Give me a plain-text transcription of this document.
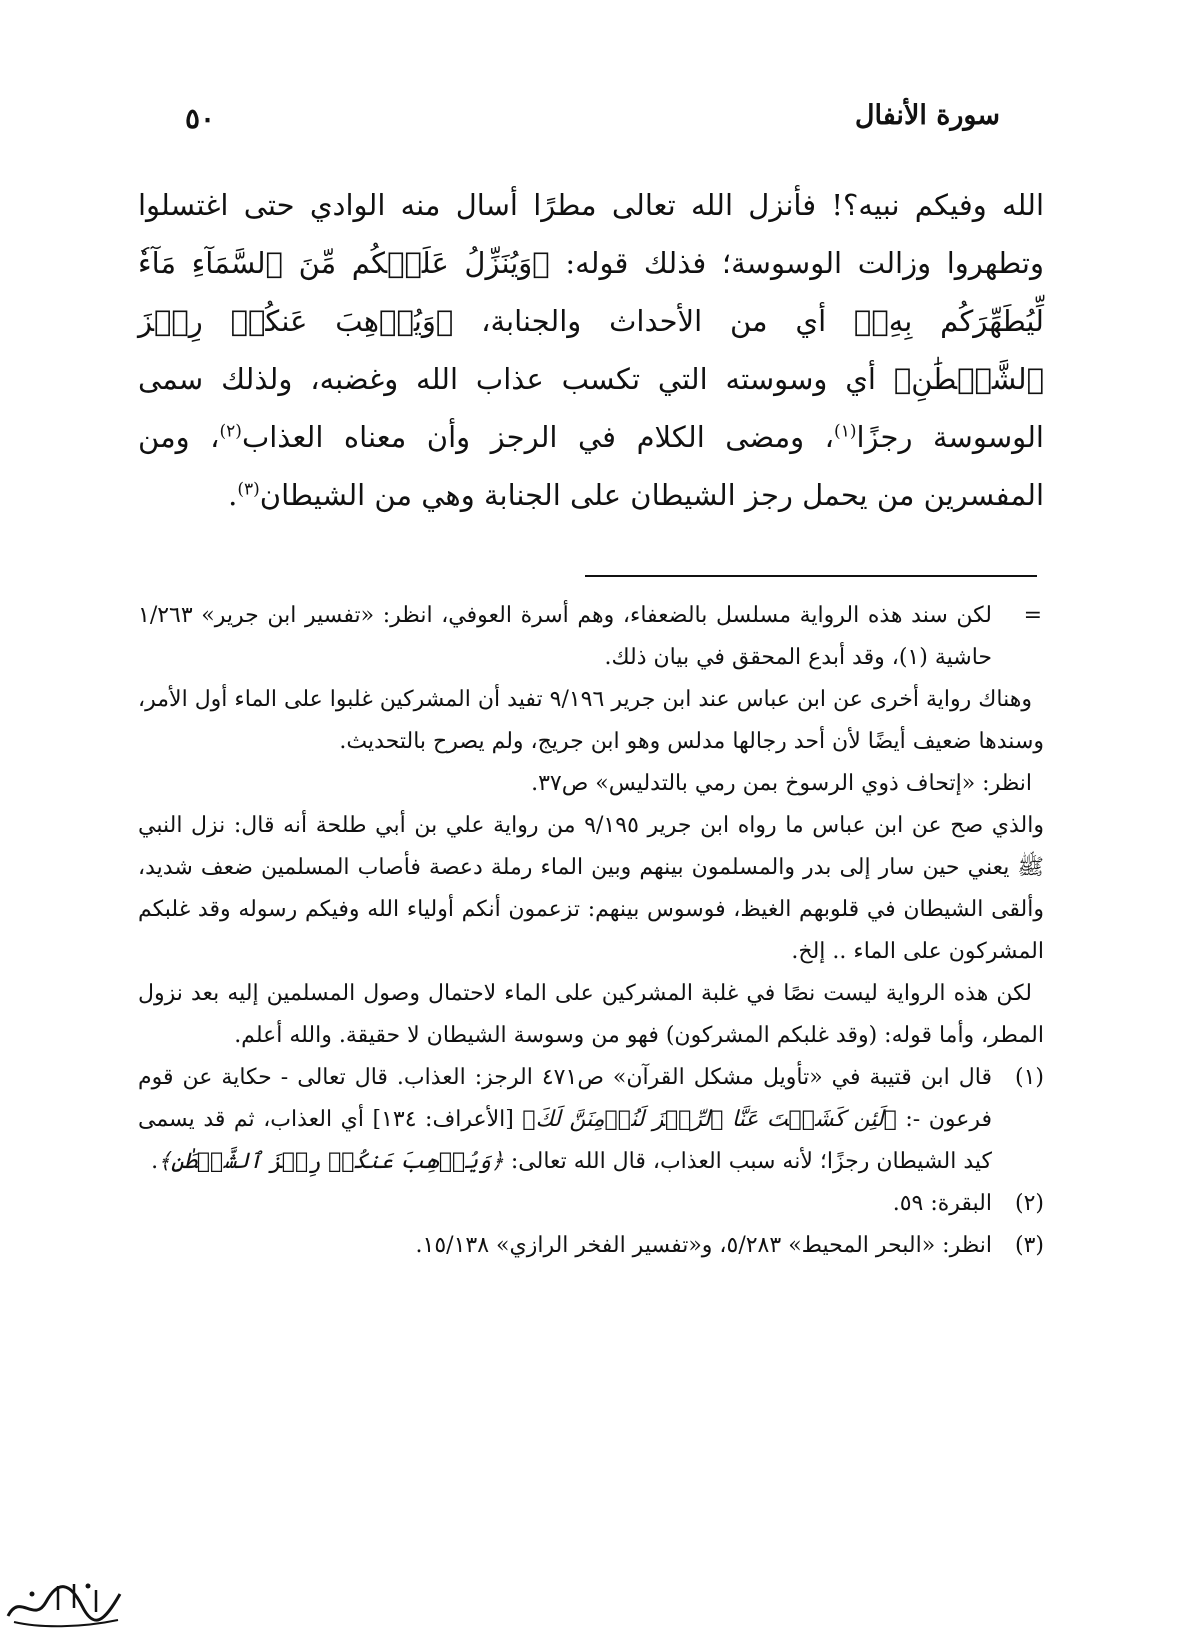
سورة الأنفال
٥٠

الله وفيكم نبيه؟! فأنزل الله تعالى مطرًا أسال منه الوادي حتى اغتسلوا وتطهروا وزالت الوسوسة؛ فذلك قوله: ﴿وَيُنَزِّلُ عَلَيۡكُم مِّنَ ٱلسَّمَآءِ مَآءٗ لِّيُطَهِّرَكُم بِهِۦ﴾ أي من الأحداث والجنابة، ﴿وَيُذۡهِبَ عَنكُمۡ رِجۡزَ ٱلشَّيۡطَٰنِ﴾ أي وسوسته التي تكسب عذاب الله وغضبه، ولذلك سمى الوسوسة رجزًا$^{(١)}$، ومضى الكلام في الرجز وأن معناه العذاب$^{(٢)}$، ومن المفسرين من يحمل رجز الشيطان على الجنابة وهي من الشيطان$^{(٣)}$.

=
لكن سند هذه الرواية مسلسل بالضعفاء، وهم أسرة العوفي، انظر: «تفسير ابن جرير» ١/٢٦٣ حاشية (١)، وقد أبدع المحقق في بيان ذلك.

وهناك رواية أخرى عن ابن عباس عند ابن جرير ٩/١٩٦ تفيد أن المشركين غلبوا على الماء أول الأمر، وسندها ضعيف أيضًا لأن أحد رجالها مدلس وهو ابن جريج، ولم يصرح بالتحديث.

انظر: «إتحاف ذوي الرسوخ بمن رمي بالتدليس» ص٣٧.

والذي صح عن ابن عباس ما رواه ابن جرير ٩/١٩٥ من رواية علي بن أبي طلحة أنه قال: نزل النبي ﷺ يعني حين سار إلى بدر والمسلمون بينهم وبين الماء رملة دعصة فأصاب المسلمين ضعف شديد، وألقى الشيطان في قلوبهم الغيظ، فوسوس بينهم: تزعمون أنكم أولياء الله وفيكم رسوله وقد غلبكم المشركون على الماء .. إلخ.

لكن هذه الرواية ليست نصًا في غلبة المشركين على الماء لاحتمال وصول المسلمين إليه بعد نزول المطر، وأما قوله: (وقد غلبكم المشركون) فهو من وسوسة الشيطان لا حقيقة. والله أعلم.

(١)
قال ابن قتيبة في «تأويل مشكل القرآن» ص٤٧١ الرجز: العذاب. قال تعالى - حكاية عن قوم فرعون -: ﴿لَئِن كَشَفۡتَ عَنَّا ٱلرِّجۡزَ لَنُؤۡمِنَنَّ لَكَ﴾ [الأعراف: ١٣٤] أي العذاب، ثم قد يسمى كيد الشيطان رجزًا؛ لأنه سبب العذاب، قال الله تعالى: ﴿وَيُذۡهِبَ عَنكُمۡ رِجۡزَ ٱلشَّيۡطَٰنِ﴾.
(٢)
البقرة: ٥٩.
(٣)
انظر: «البحر المحيط» ٥/٢٨٣، و«تفسير الفخر الرازي» ١٥/١٣٨.
